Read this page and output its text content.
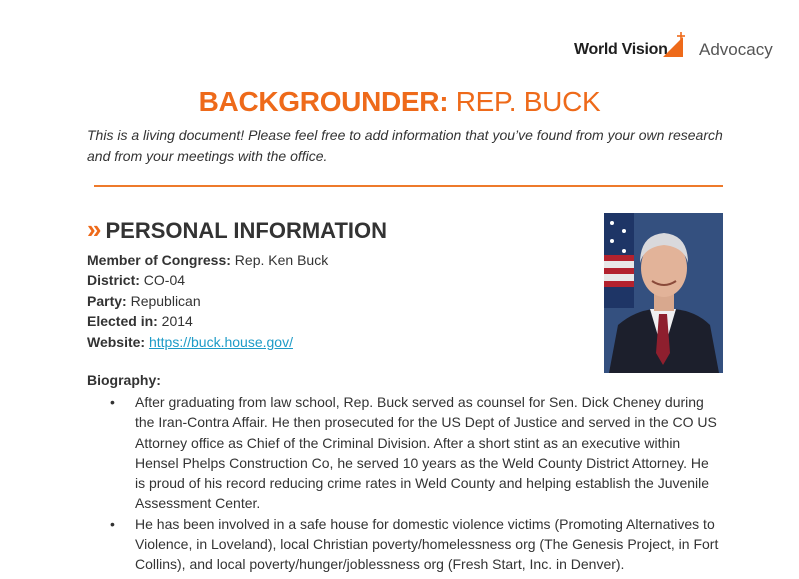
World Vision Advocacy
BACKGROUNDER: REP. BUCK
This is a living document! Please feel free to add information that you’ve found from your own research and from your meetings with the office.
» PERSONAL INFORMATION
Member of Congress: Rep. Ken Buck
District: CO-04
Party: Republican
Elected in: 2014
Website: https://buck.house.gov/
Biography:
• After graduating from law school, Rep. Buck served as counsel for Sen. Dick Cheney during the Iran-Contra Affair. He then prosecuted for the US Dept of Justice and served in the CO US Attorney office as Chief of the Criminal Division. After a short stint as an executive within Hensel Phelps Construction Co, he served 10 years as the Weld County District Attorney. He is proud of his record reducing crime rates in Weld County and helping establish the Juvenile Assessment Center.
• He has been involved in a safe house for domestic violence victims (Promoting Alternatives to Violence, in Loveland), local Christian poverty/homelessness org (The Genesis Project, in Fort Collins), and local poverty/hunger/joblessness org (Fresh Start, Inc. in Denver).
